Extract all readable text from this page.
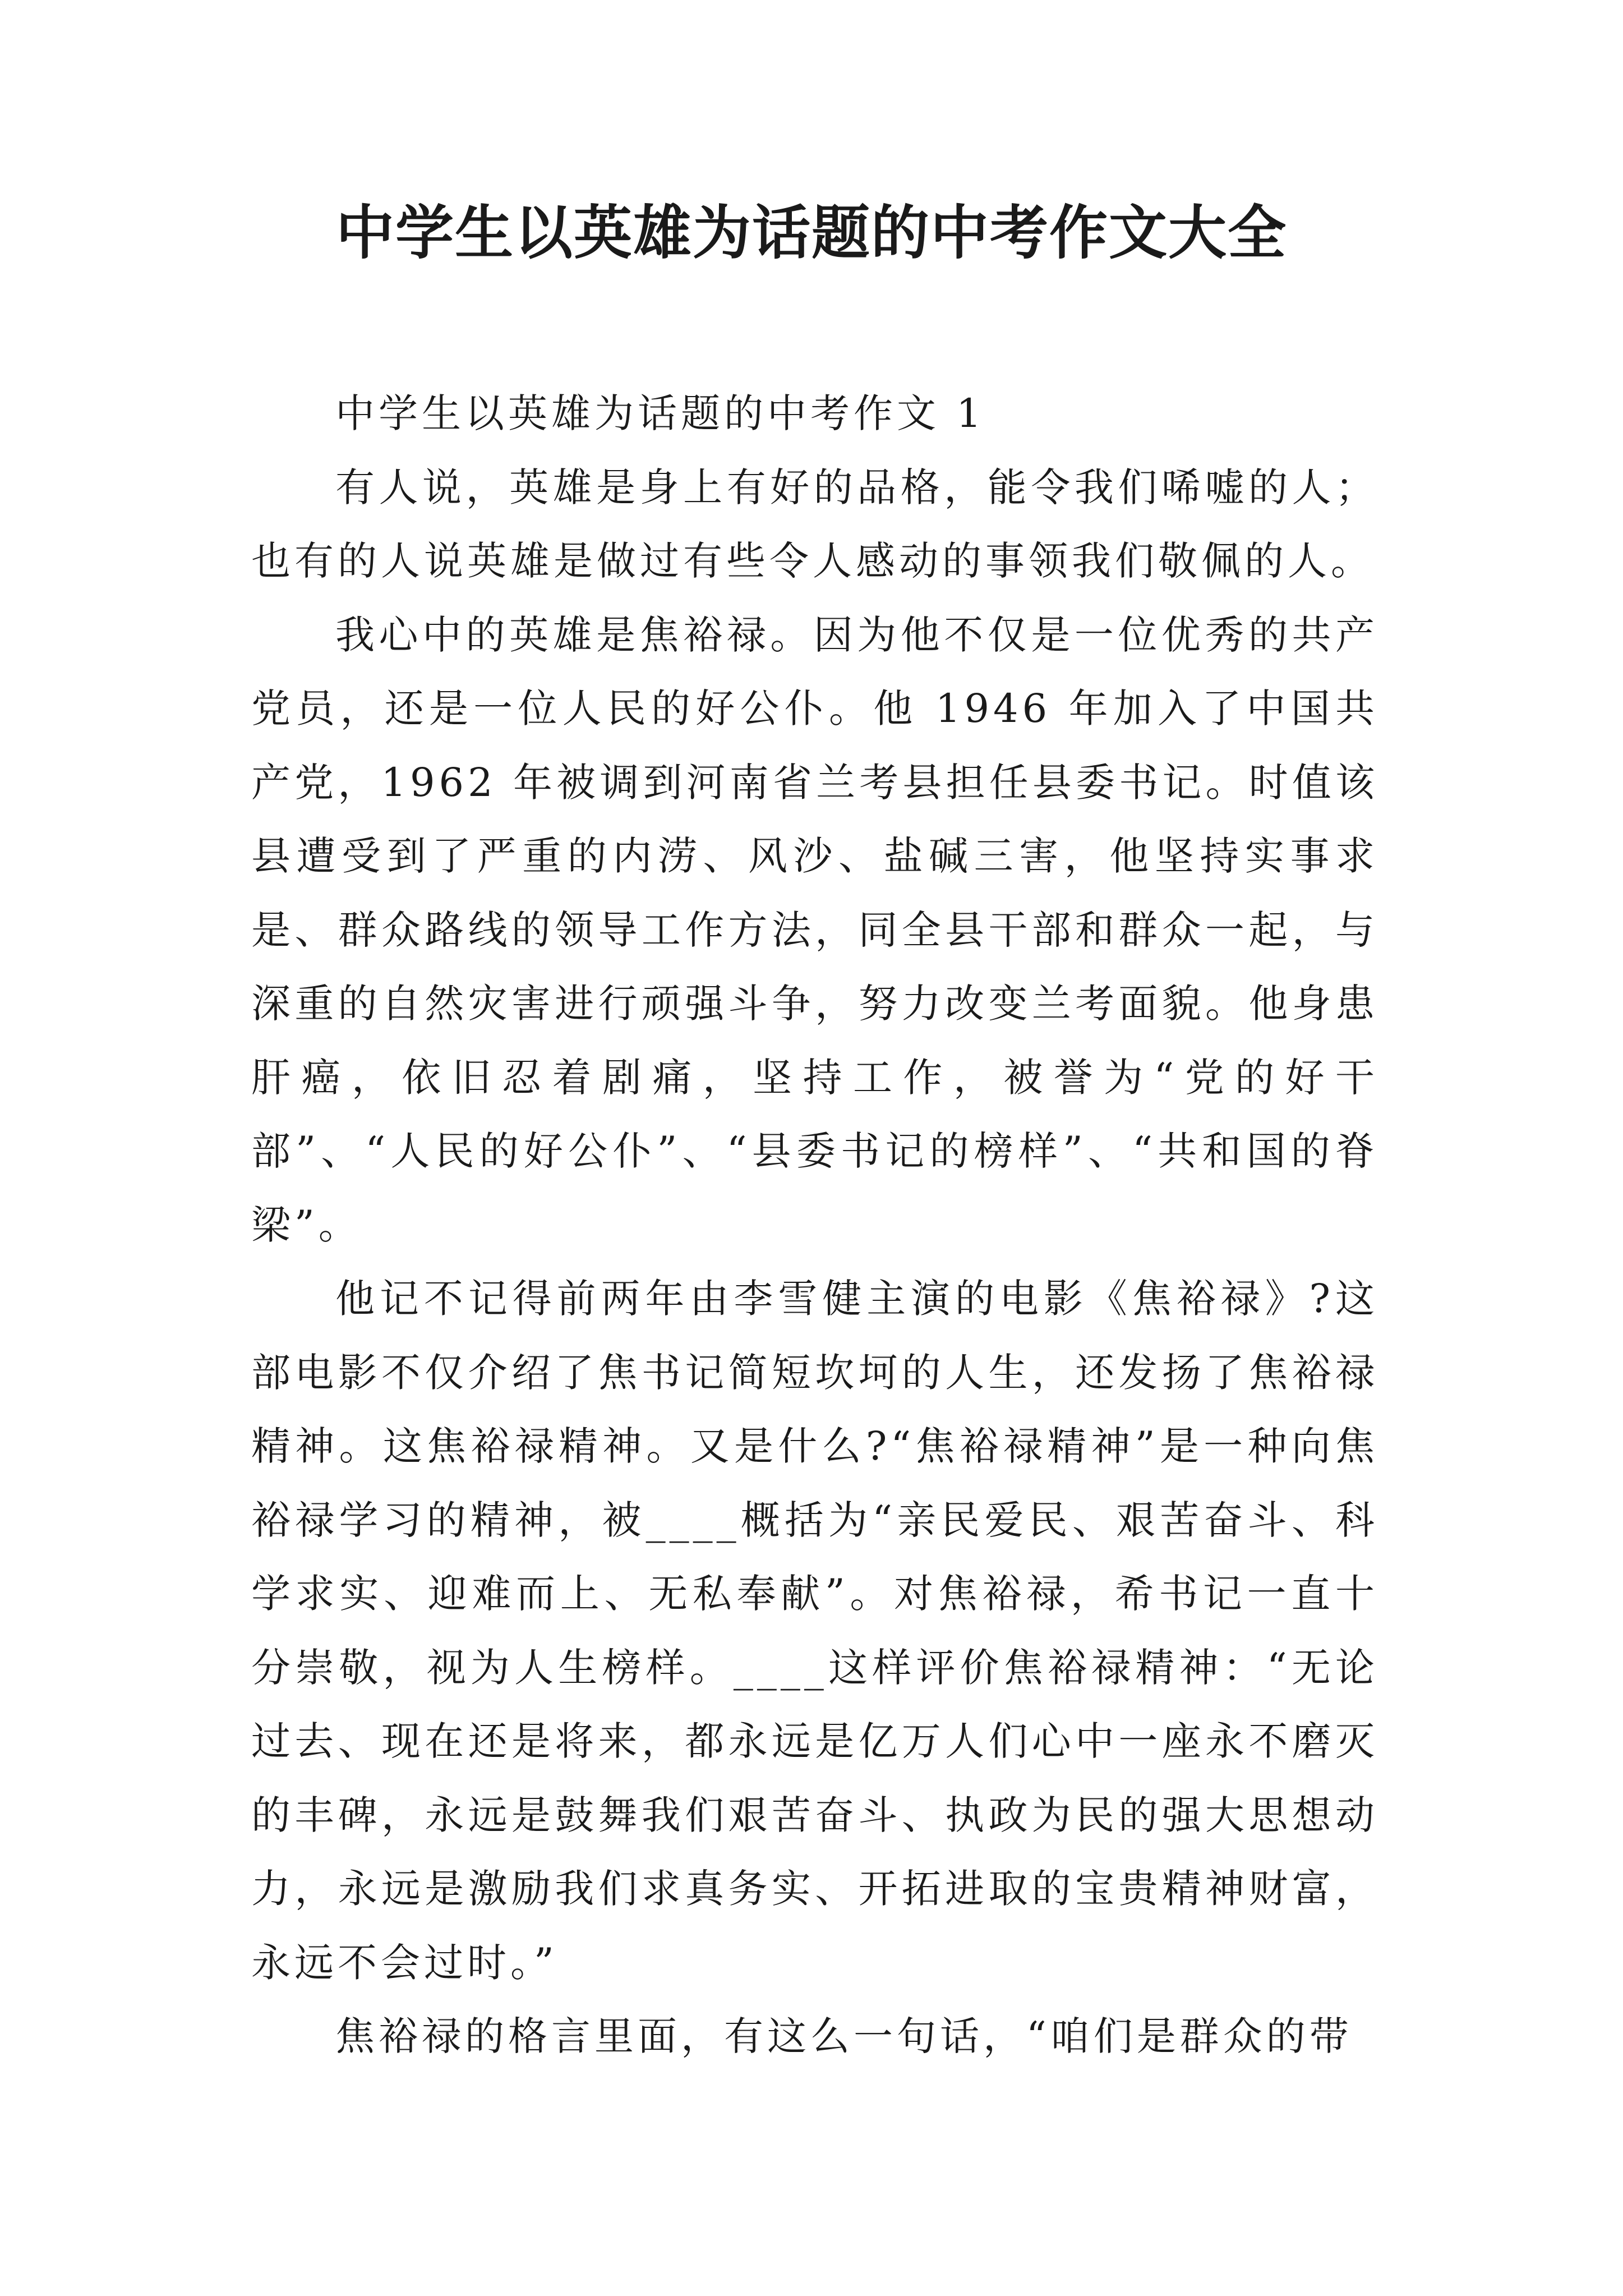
中学生以英雄为话题的中考作文大全

中学生以英雄为话题的中考作文 1

有人说，英雄是身上有好的品格，能令我们唏嘘的人；也有的人说英雄是做过有些令人感动的事领我们敬佩的人。

我心中的英雄是焦裕禄。因为他不仅是一位优秀的共产党员，还是一位人民的好公仆。他 1946 年加入了中国共产党，1962 年被调到河南省兰考县担任县委书记。时值该县遭受到了严重的内涝、风沙、盐碱三害，他坚持实事求是、群众路线的领导工作方法，同全县干部和群众一起，与深重的自然灾害进行顽强斗争，努力改变兰考面貌。他身患肝癌，依旧忍着剧痛，坚持工作，被誉为“党的好干部”、“人民的好公仆”、“县委书记的榜样”、“共和国的脊梁”。

他记不记得前两年由李雪健主演的电影《焦裕禄》?这部电影不仅介绍了焦书记简短坎坷的人生，还发扬了焦裕禄精神。这焦裕禄精神。又是什么?“焦裕禄精神”是一种向焦裕禄学习的精神，被____概括为“亲民爱民、艰苦奋斗、科学求实、迎难而上、无私奉献”。对焦裕禄，希书记一直十分崇敬，视为人生榜样。____这样评价焦裕禄精神：“无论过去、现在还是将来，都永远是亿万人们心中一座永不磨灭的丰碑，永远是鼓舞我们艰苦奋斗、执政为民的强大思想动力，永远是激励我们求真务实、开拓进取的宝贵精神财富，永远不会过时。”

焦裕禄的格言里面，有这么一句话，“咱们是群众的带
